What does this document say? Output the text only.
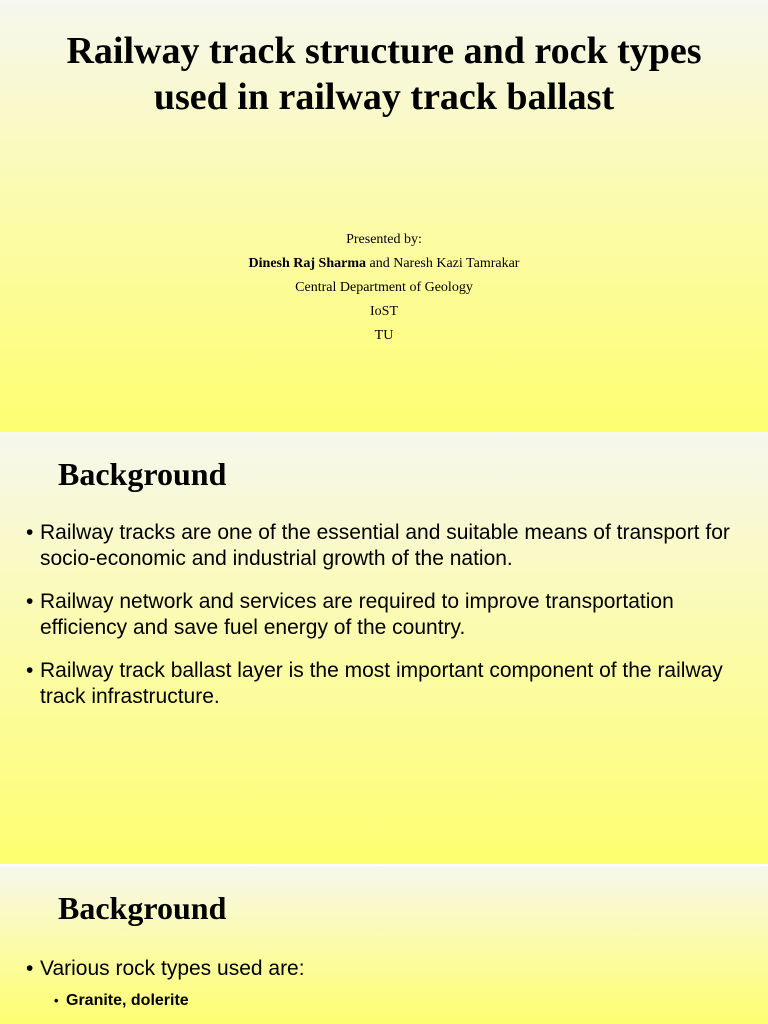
Railway track structure and rock types used in railway track ballast
Presented by:
Dinesh Raj Sharma and Naresh Kazi Tamrakar
Central Department of Geology
IoST
TU
Background
• Railway tracks are one of the essential and suitable means of transport for socio-economic and industrial growth of the nation.
• Railway network and services are required to improve transportation efficiency and save fuel energy of the country.
• Railway track ballast layer is the most important component of the railway track infrastructure.
Background
• Various rock types used are:
• Granite, dolerite
